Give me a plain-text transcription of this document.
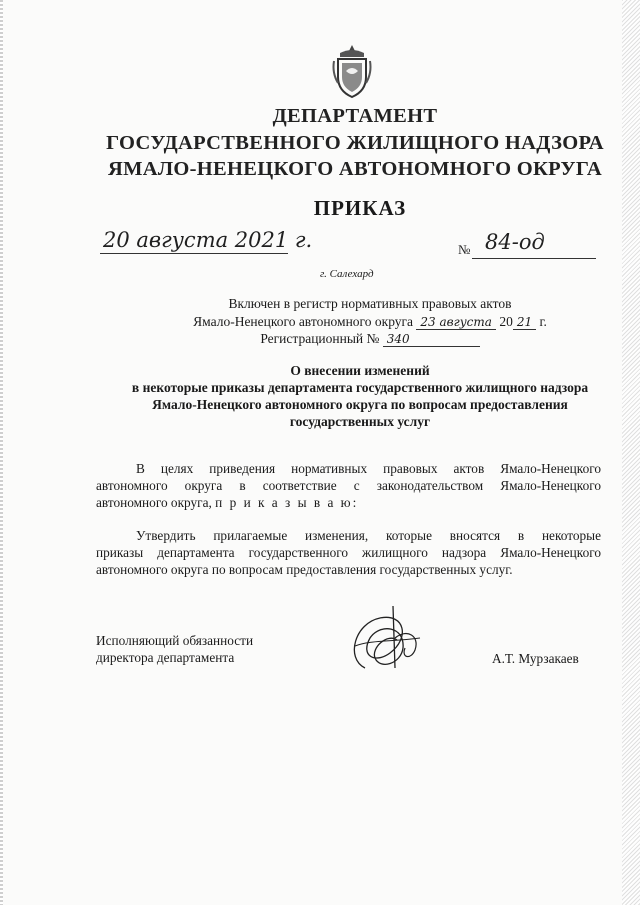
ДЕПАРТАМЕНТ
ГОСУДАРСТВЕННОГО ЖИЛИЩНОГО НАДЗОРА
ЯМАЛО-НЕНЕЦКОГО АВТОНОМНОГО ОКРУГА
ПРИКАЗ
20 августа 2021 г.	№ 84-од
г. Салехард
Включен в регистр нормативных правовых актов
Ямало-Ненецкого автономного округа 23 августа 20 21 г.
Регистрационный № 340
О внесении изменений
в некоторые приказы департамента государственного жилищного надзора
Ямало-Ненецкого автономного округа по вопросам предоставления
государственных услуг
В целях приведения нормативных правовых актов Ямало-Ненецкого
автономного округа в соответствие с законодательством Ямало-Ненецкого
автономного округа, п р и к а з ы в а ю:
Утвердить прилагаемые изменения, которые вносятся в некоторые
приказы департамента государственного жилищного надзора Ямало-Ненецкого
автономного округа по вопросам предоставления государственных услуг.
Исполняющий обязанности
директора департамента	А.Т. Мурзакаев
